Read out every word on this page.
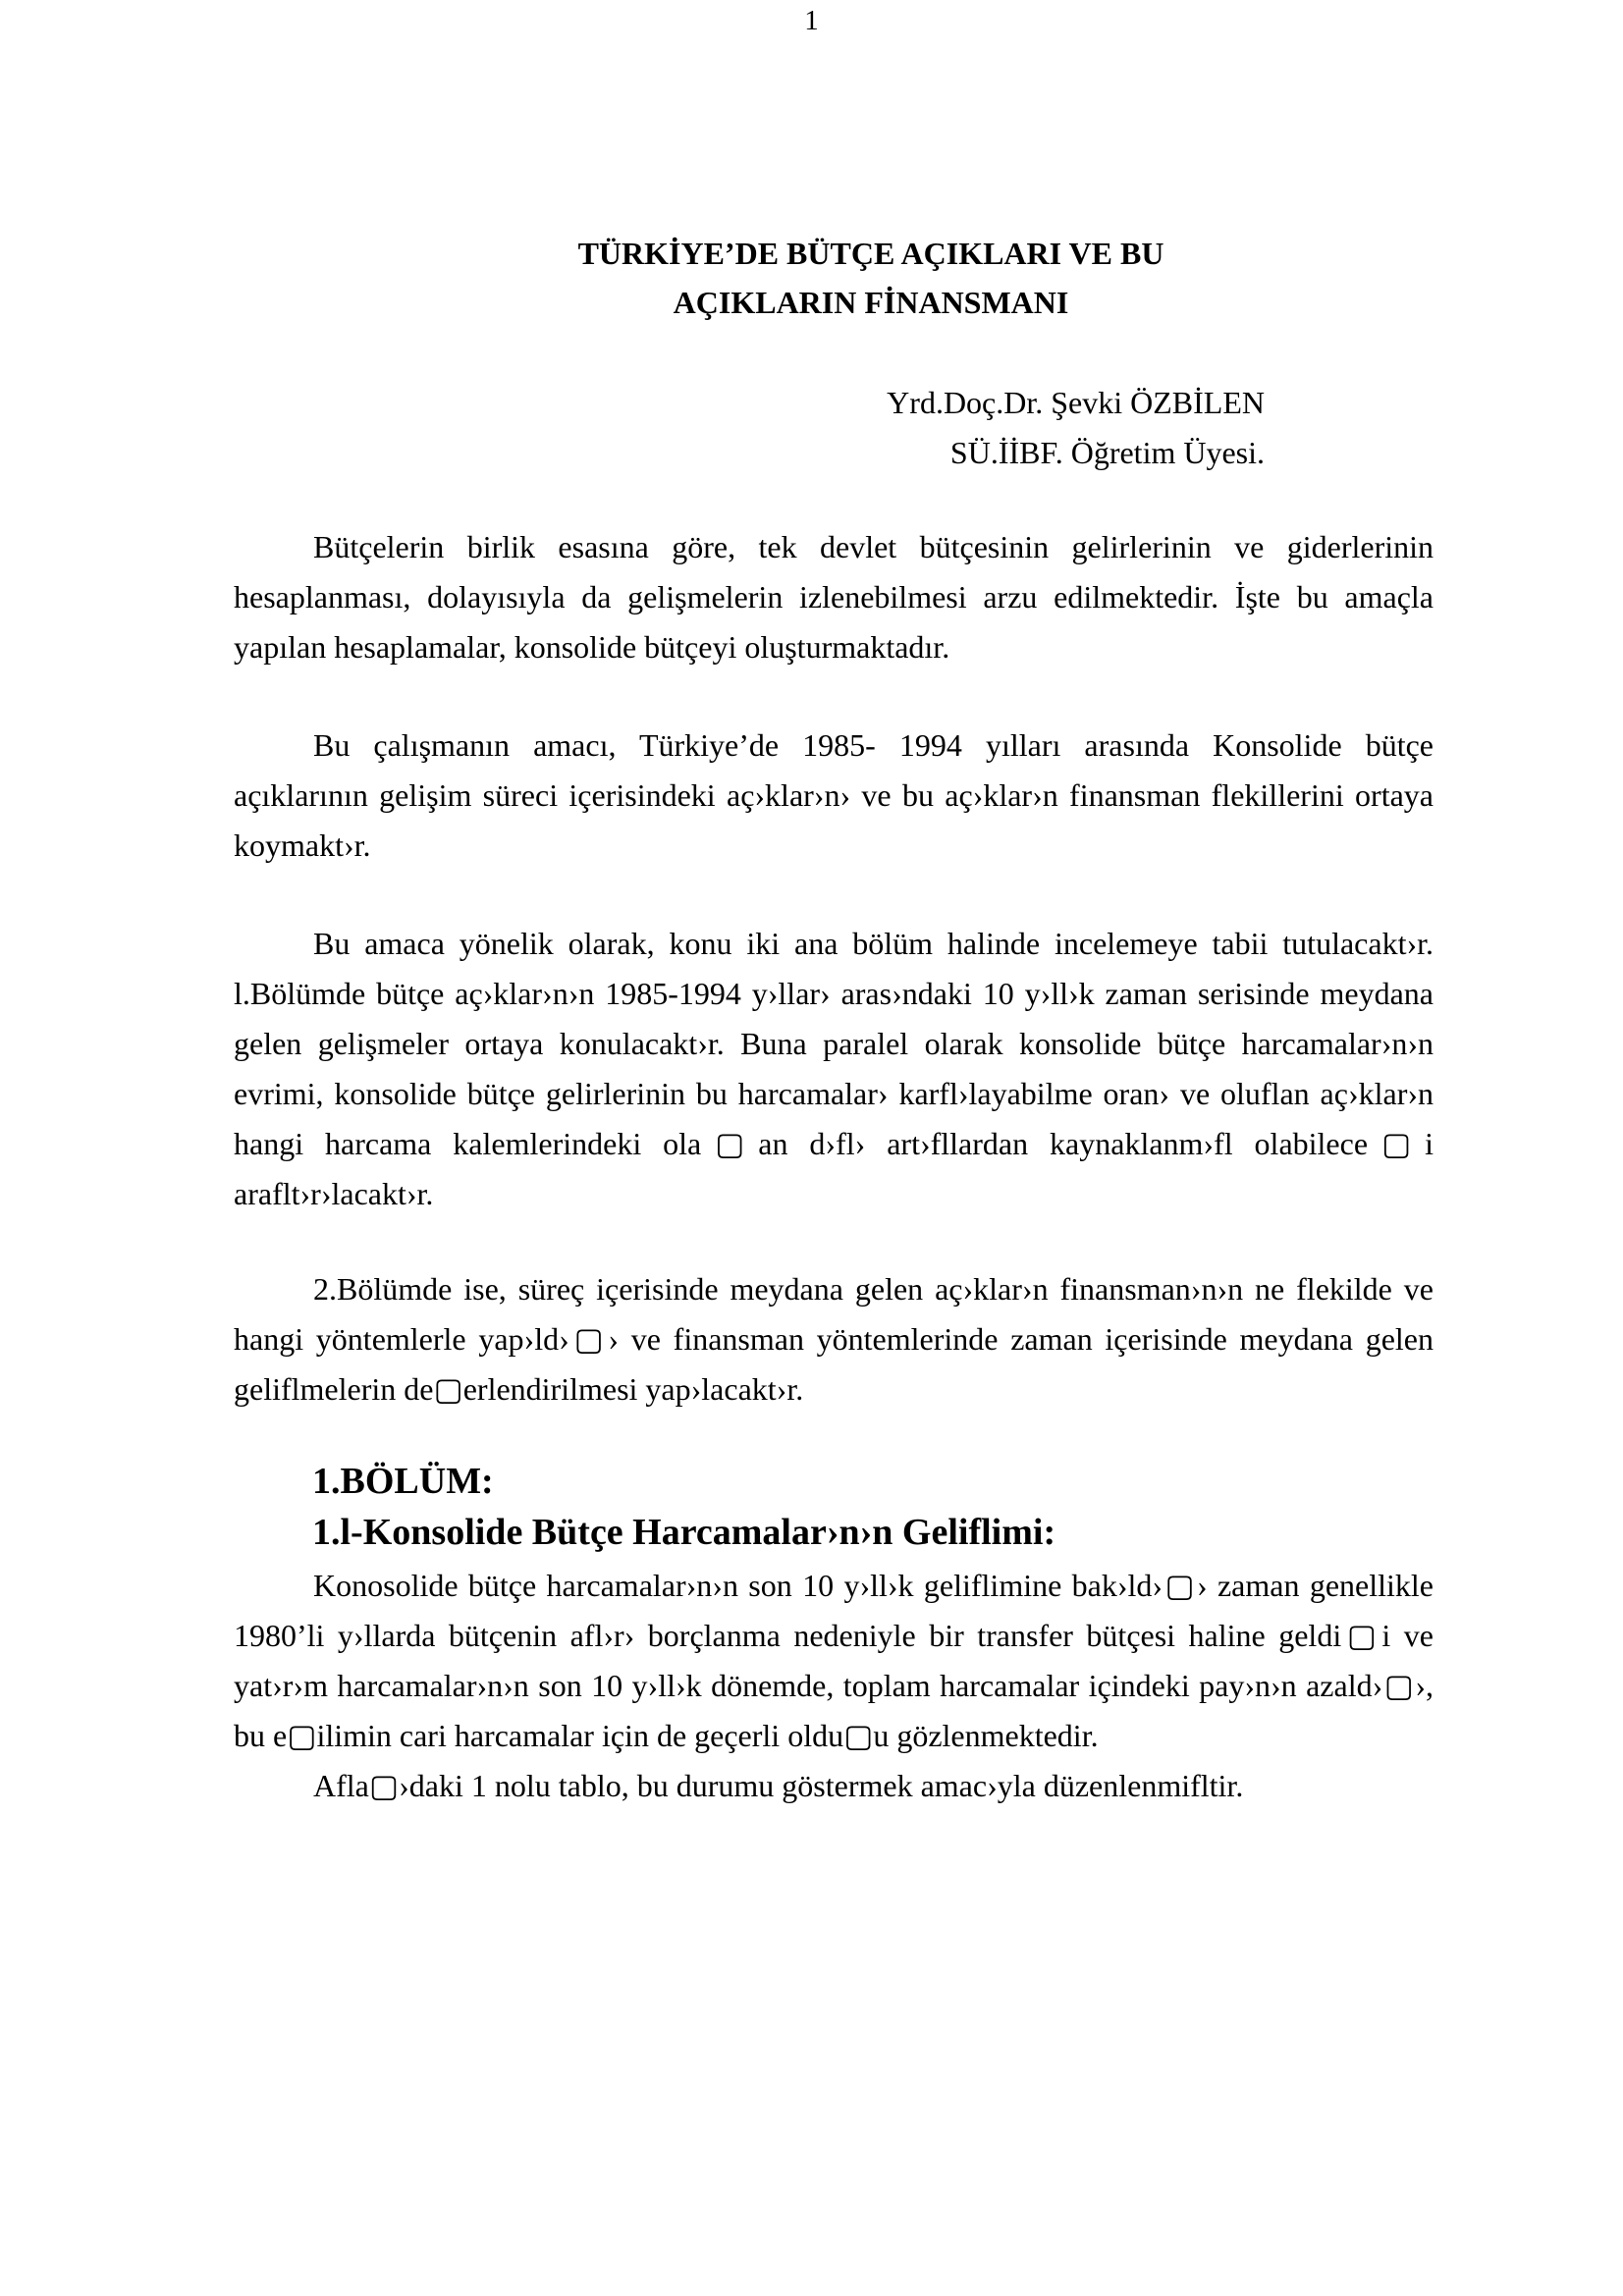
1
TÜRKİYE’DE BÜTÇE AÇIKLARI VE BU
AÇIKLARIN FİNANSMANI
Yrd.Doç.Dr. Şevki ÖZBİLEN
SÜ.İİBF. Öğretim Üyesi.

Bütçelerin birlik esasına göre, tek devlet bütçesinin gelirlerinin ve giderlerinin hesaplanması, dolayısıyla da gelişmelerin izlenebilmesi arzu edilmektedir. İşte bu amaçla yapılan hesaplamalar, konsolide bütçeyi oluşturmaktadır.

Bu çalışmanın amacı, Türkiye’de 1985- 1994 yılları arasında Konsolide bütçe açıklarının gelişim süreci içerisindeki aç›klar›n› ve bu aç›klar›n finansman flekillerini ortaya koymakt›r.

Bu amaca yönelik olarak, konu iki ana bölüm halinde incelemeye tabii tutulacakt›r. l.Bölümde bütçe aç›klar›n›n 1985-1994 y›llar› aras›ndaki 10 y›ll›k zaman serisinde meydana gelen gelişmeler ortaya konulacakt›r. Buna paralel olarak konsolide bütçe harcamalar›n›n evrimi, konsolide bütçe gelirlerinin bu harcamalar› karfl›layabilme oran› ve oluflan aç›klar›n hangi harcama kalemlerindeki ola▢an d›fl› art›fllardan kaynaklanm›fl olabilece▢i araflt›r›lacakt›r.

2.Bölümde ise, süreç içerisinde meydana gelen aç›klar›n finansman›n›n ne flekilde ve hangi yöntemlerle yap›ld›▢› ve finansman yöntemlerinde zaman içerisinde meydana gelen geliflmelerin de▢erlendirilmesi yap›lacakt›r.

1.BÖLÜM:
1.l-Konsolide Bütçe Harcamalar›n›n Geliflimi:

Konosolide bütçe harcamalar›n›n son 10 y›ll›k geliflimine bak›ld›▢› zaman genellikle 1980’li y›llarda bütçenin afl›r› borçlanma nedeniyle bir transfer bütçesi haline geldi▢i ve yat›r›m harcamalar›n›n son 10 y›ll›k dönemde, toplam harcamalar içindeki pay›n›n azald›▢›, bu e▢ilimin cari harcamalar için de geçerli oldu▢u gözlenmektedir.

Afla▢›daki 1 nolu tablo, bu durumu göstermek amac›yla düzenlenmifltir.
